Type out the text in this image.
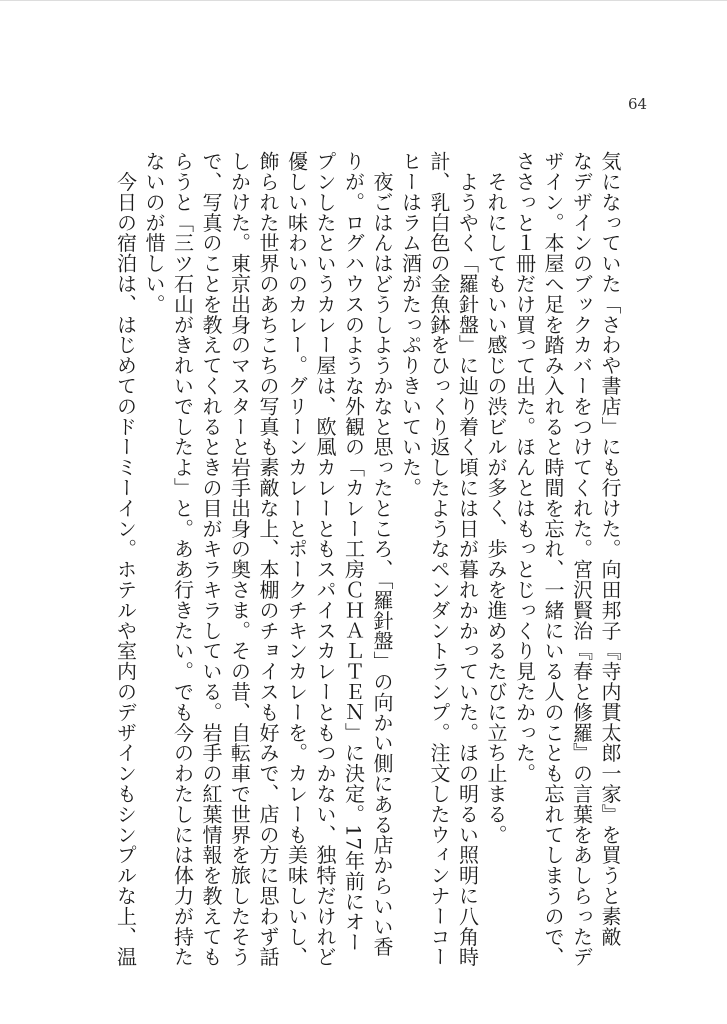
64
気になっていた「さわや書店」にも行けた。向田邦子『寺内貫太郎一家』を買うと素敵
なデザインのブックカバーをつけてくれた。宮沢賢治『春と修羅』の言葉をあしらったデ
ザイン。本屋へ足を踏み入れると時間を忘れ、一緒にいる人のことも忘れてしまうので、
ささっと１冊だけ買って出た。ほんとはもっとじっくり見たかった。
　それにしてもいい感じの渋ビルが多く、歩みを進めるたびに立ち止まる。
　ようやく「羅針盤」に辿り着く頃には日が暮れかかっていた。ほの明るい照明に八角時
計、乳白色の金魚鉢をひっくり返したようなペンダントランプ。注文したウィンナーコー
ヒーはラム酒がたっぷりきいていた。
　夜ごはんはどうしようかなと思ったところ、「羅針盤」の向かい側にある店からいい香
りが。ログハウスのような外観の「カレー工房ＣＨＡＬＴＥＮ」に決定。17年前にオー
プンしたというカレー屋は、欧風カレーともスパイスカレーともつかない、独特だけれど
優しい味わいのカレー。グリーンカレーとポークチキンカレーを。カレーも美味しいし、
飾られた世界のあちこちの写真も素敵な上、本棚のチョイスも好みで、店の方に思わず話
しかけた。東京出身のマスターと岩手出身の奥さま。その昔、自転車で世界を旅したそう
で、写真のことを教えてくれるときの目がキラキラしている。岩手の紅葉情報を教えても
らうと「三ツ石山がきれいでしたよ」と。ああ行きたい。でも今のわたしには体力が持た
ないのが惜しい。
　今日の宿泊は、はじめてのドーミーイン。ホテルや室内のデザインもシンプルな上、温
